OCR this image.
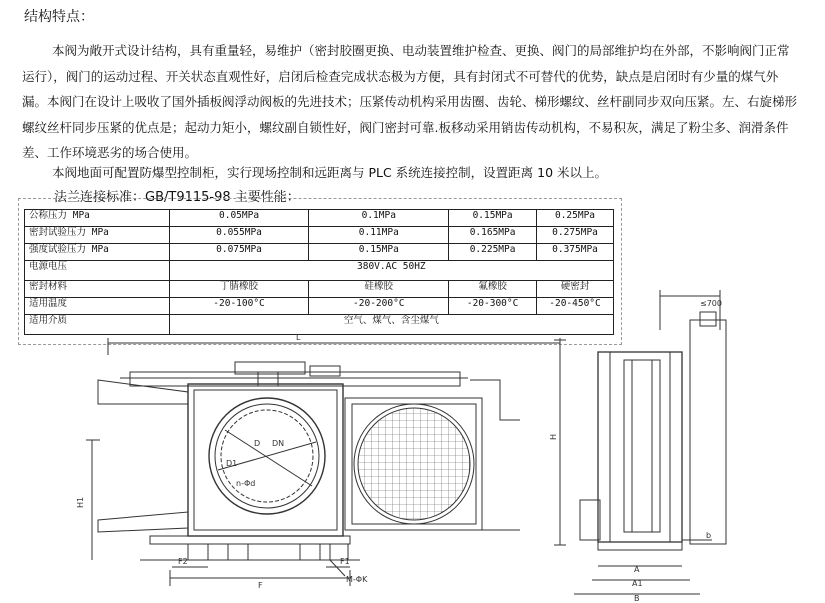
结构特点：

本阀为敞开式设计结构，具有重量轻，易维护（密封胶圈更换、电动装置维护检查、更换、阀门的局部维护均在外部，不影响阀门正常运行），阀门的运动过程、开关状态直观性好，启闭后检查完成状态极为方便，具有封闭式不可替代的优势，缺点是启闭时有少量的煤气外漏。本阀门在设计上吸收了国外插板阀浮动阀板的先进技术；压紧传动机构采用齿圈、齿轮、梯形螺纹、丝杆副同步双向压紧。左、右旋梯形螺纹丝杆同步压紧的优点是；起动力矩小，螺纹副自锁性好，阀门密封可靠.板移动采用销齿传动机构，不易积灰，满足了粉尘多、润滑条件差、工作环境恶劣的场合使用。

本阀地面可配置防爆型控制柜，实行现场控制和远距离与 PLC 系统连接控制，设置距离 10 米以上。

法兰连接标准：GB/T9115-98 主要性能：
公称压力 MPa	0.05MPa	0.1MPa	0.15MPa	0.25MPa
密封试验压力 MPa	0.055MPa	0.11MPa	0.165MPa	0.275MPa
强度试验压力 MPa	0.075MPa	0.15MPa	0.225MPa	0.375MPa
电源电压	380V.AC 50HZ			
密封材料	丁腈橡胶	硅橡胶	氟橡胶	硬密封
适用温度	-20-100°C	-20-200°C	-20-300°C	-20-450°C
适用介质	空气、煤气、含尘煤气			
L
D DN
D1
n-Φd
H1
F2	F1
F
M-ΦK
≤700
H
b
A
A1
B
